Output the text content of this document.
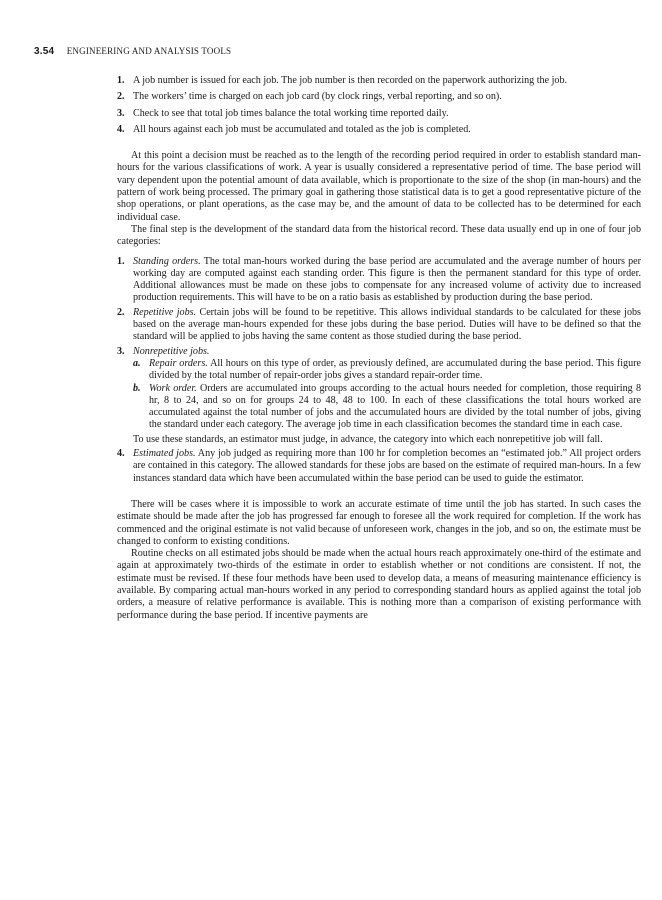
3.54 ENGINEERING AND ANALYSIS TOOLS
1. A job number is issued for each job. The job number is then recorded on the paperwork authorizing the job.

2. The workers’ time is charged on each job card (by clock rings, verbal reporting, and so on).

3. Check to see that total job times balance the total working time reported daily.

4. All hours against each job must be accumulated and totaled as the job is completed.

At this point a decision must be reached as to the length of the recording period required in order to establish standard man-hours for the various classifications of work. A year is usually considered a representative period of time. The base period will vary dependent upon the potential amount of data available, which is proportionate to the size of the shop (in man-hours) and the pattern of work being processed. The primary goal in gathering those statistical data is to get a good representative picture of the shop operations, or plant operations, as the case may be, and the amount of data to be collected has to be determined for each individual case.

The final step is the development of the standard data from the historical record. These data usually end up in one of four job categories:

1. Standing orders. The total man-hours worked during the base period are accumulated and the average number of hours per working day are computed against each standing order. This figure is then the permanent standard for this type of order. Additional allowances must be made on these jobs to compensate for any increased volume of activity due to increased production requirements. This will have to be on a ratio basis as established by production during the base period.

2. Repetitive jobs. Certain jobs will be found to be repetitive. This allows individual standards to be calculated for these jobs based on the average man-hours expended for these jobs during the base period. Duties will have to be defined so that the standard will be applied to jobs having the same content as those studied during the base period.

3. Nonrepetitive jobs.

a. Repair orders. All hours on this type of order, as previously defined, are accumulated during the base period. This figure divided by the total number of repair-order jobs gives a standard repair-order time.

b. Work order. Orders are accumulated into groups according to the actual hours needed for completion, those requiring 8 hr, 8 to 24, and so on for groups 24 to 48, 48 to 100. In each of these classifications the total hours worked are accumulated against the total number of jobs and the accumulated hours are divided by the total number of jobs, giving the standard under each category. The average job time in each classification becomes the standard time in each case.

To use these standards, an estimator must judge, in advance, the category into which each nonrepetitive job will fall.

4. Estimated jobs. Any job judged as requiring more than 100 hr for completion becomes an “estimated job.” All project orders are contained in this category. The allowed standards for these jobs are based on the estimate of required man-hours. In a few instances standard data which have been accumulated within the base period can be used to guide the estimator.

There will be cases where it is impossible to work an accurate estimate of time until the job has started. In such cases the estimate should be made after the job has progressed far enough to foresee all the work required for completion. If the work has commenced and the original estimate is not valid because of unforeseen work, changes in the job, and so on, the estimate must be changed to conform to existing conditions.

Routine checks on all estimated jobs should be made when the actual hours reach approximately one-third of the estimate and again at approximately two-thirds of the estimate in order to establish whether or not conditions are consistent. If not, the estimate must be revised. If these four methods have been used to develop data, a means of measuring maintenance efficiency is available. By comparing actual man-hours worked in any period to corresponding standard hours as applied against the total job orders, a measure of relative performance is available. This is nothing more than a comparison of existing performance with performance during the base period. If incentive payments are
